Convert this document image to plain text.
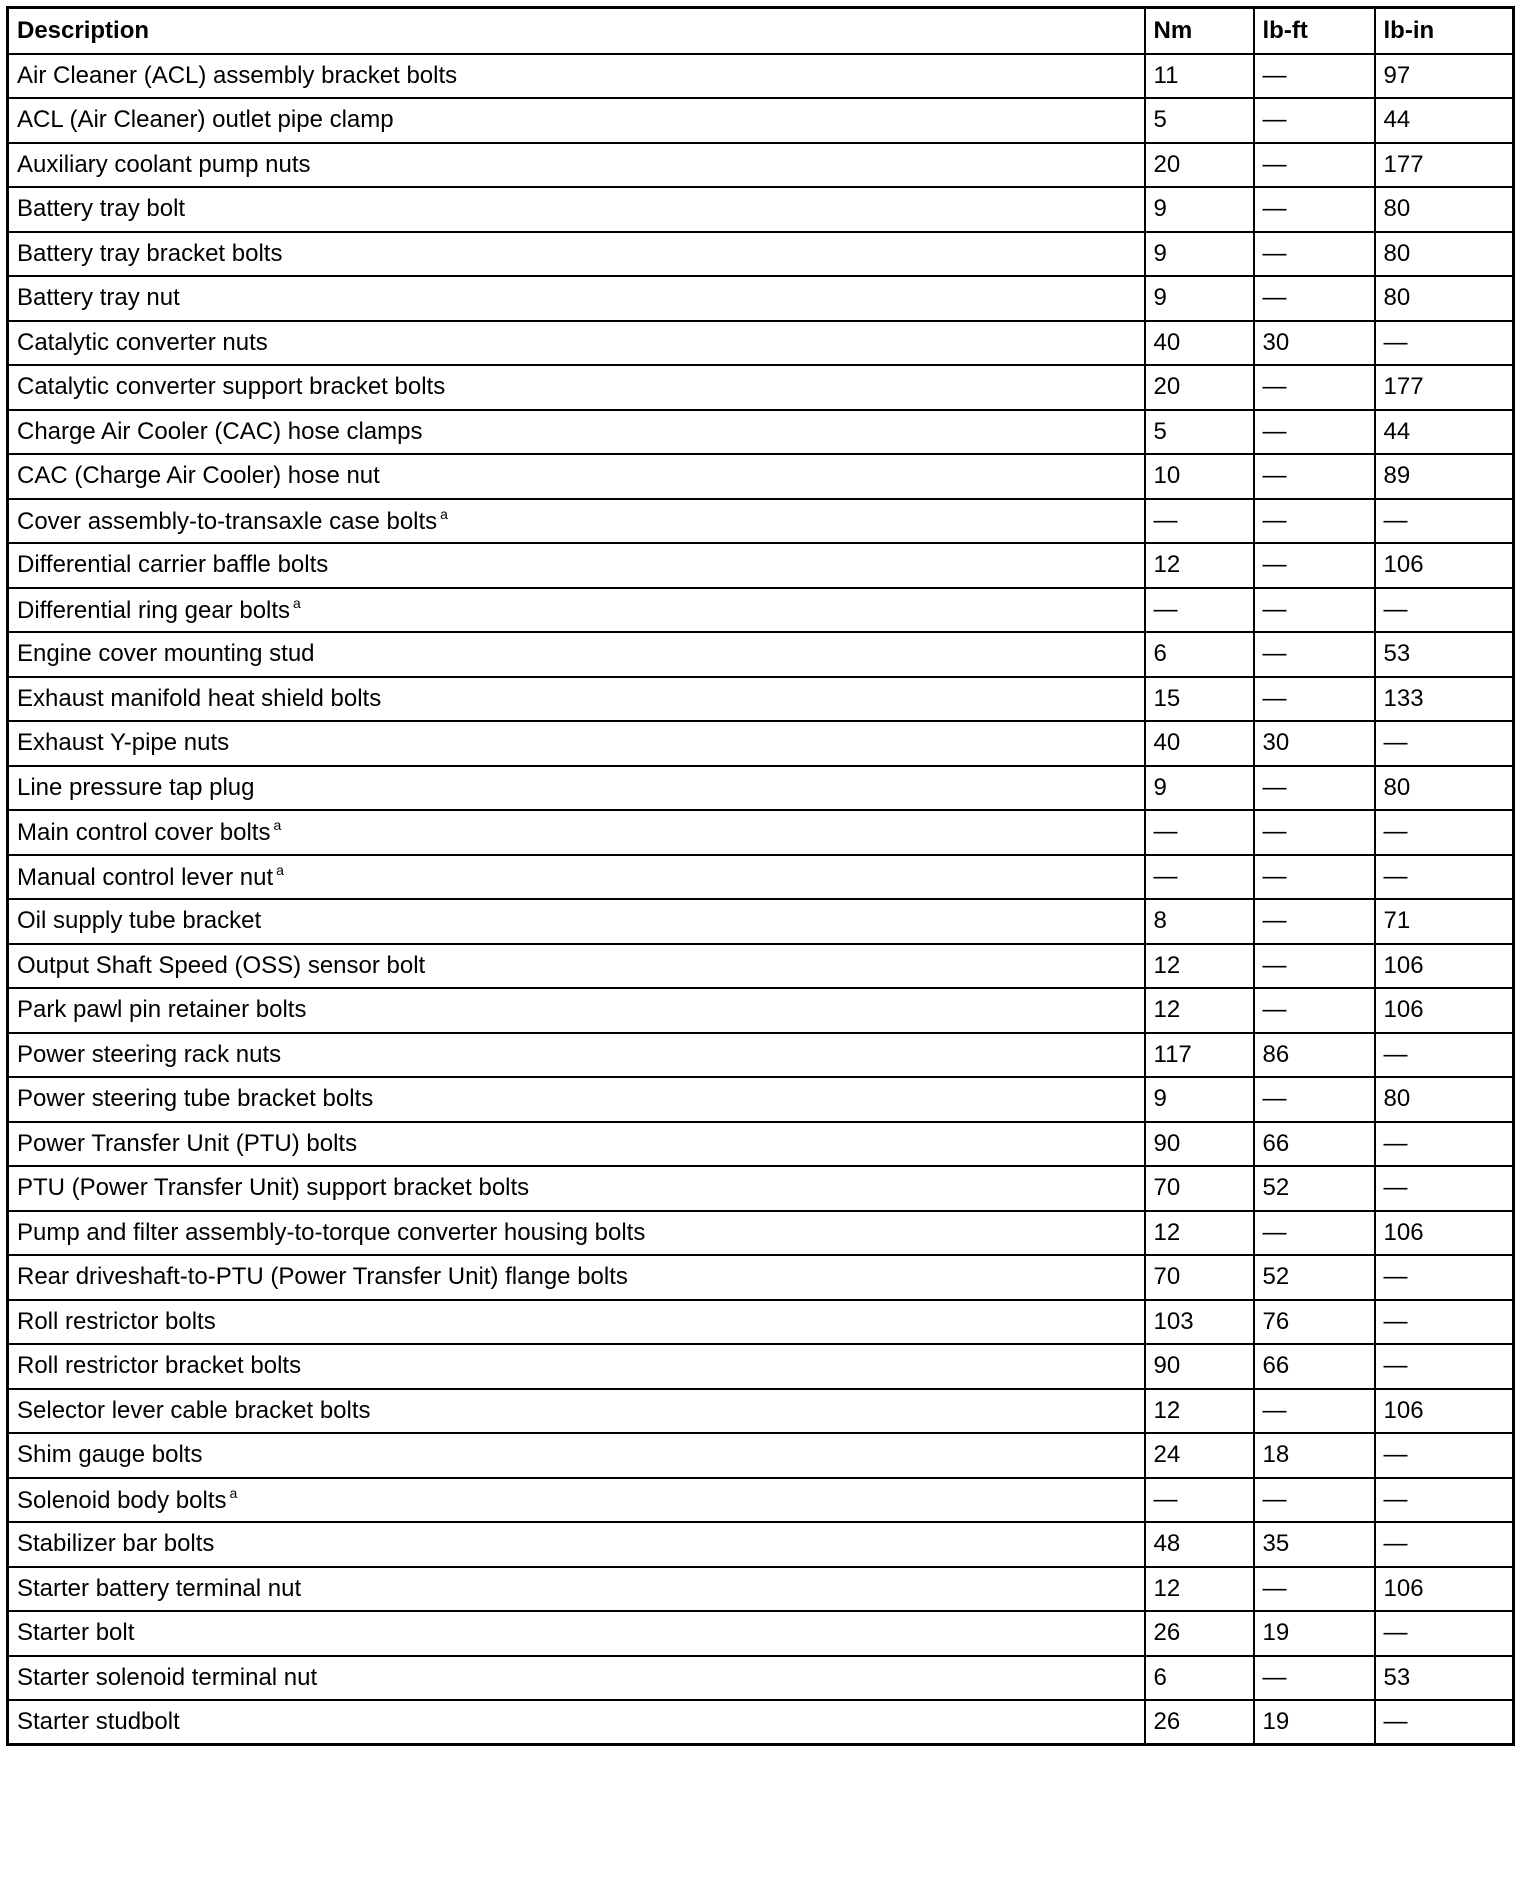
Description	Nm	lb-ft	lb-in
Air Cleaner (ACL) assembly bracket bolts	11	—	97
ACL (Air Cleaner) outlet pipe clamp	5	—	44
Auxiliary coolant pump nuts	20	—	177
Battery tray bolt	9	—	80
Battery tray bracket bolts	9	—	80
Battery tray nut	9	—	80
Catalytic converter nuts	40	30	—
Catalytic converter support bracket bolts	20	—	177
Charge Air Cooler (CAC) hose clamps	5	—	44
CAC (Charge Air Cooler) hose nut	10	—	89
Cover assembly-to-transaxle case bolts $^a$	—	—	—
Differential carrier baffle bolts	12	—	106
Differential ring gear bolts $^a$	—	—	—
Engine cover mounting stud	6	—	53
Exhaust manifold heat shield bolts	15	—	133
Exhaust Y-pipe nuts	40	30	—
Line pressure tap plug	9	—	80
Main control cover bolts $^a$	—	—	—
Manual control lever nut $^a$	—	—	—
Oil supply tube bracket	8	—	71
Output Shaft Speed (OSS) sensor bolt	12	—	106
Park pawl pin retainer bolts	12	—	106
Power steering rack nuts	117	86	—
Power steering tube bracket bolts	9	—	80
Power Transfer Unit (PTU) bolts	90	66	—
PTU (Power Transfer Unit) support bracket bolts	70	52	—
Pump and filter assembly-to-torque converter housing bolts	12	—	106
Rear driveshaft-to-PTU (Power Transfer Unit) flange bolts	70	52	—
Roll restrictor bolts	103	76	—
Roll restrictor bracket bolts	90	66	—
Selector lever cable bracket bolts	12	—	106
Shim gauge bolts	24	18	—
Solenoid body bolts $^a$	—	—	—
Stabilizer bar bolts	48	35	—
Starter battery terminal nut	12	—	106
Starter bolt	26	19	—
Starter solenoid terminal nut	6	—	53
Starter studbolt	26	19	—
